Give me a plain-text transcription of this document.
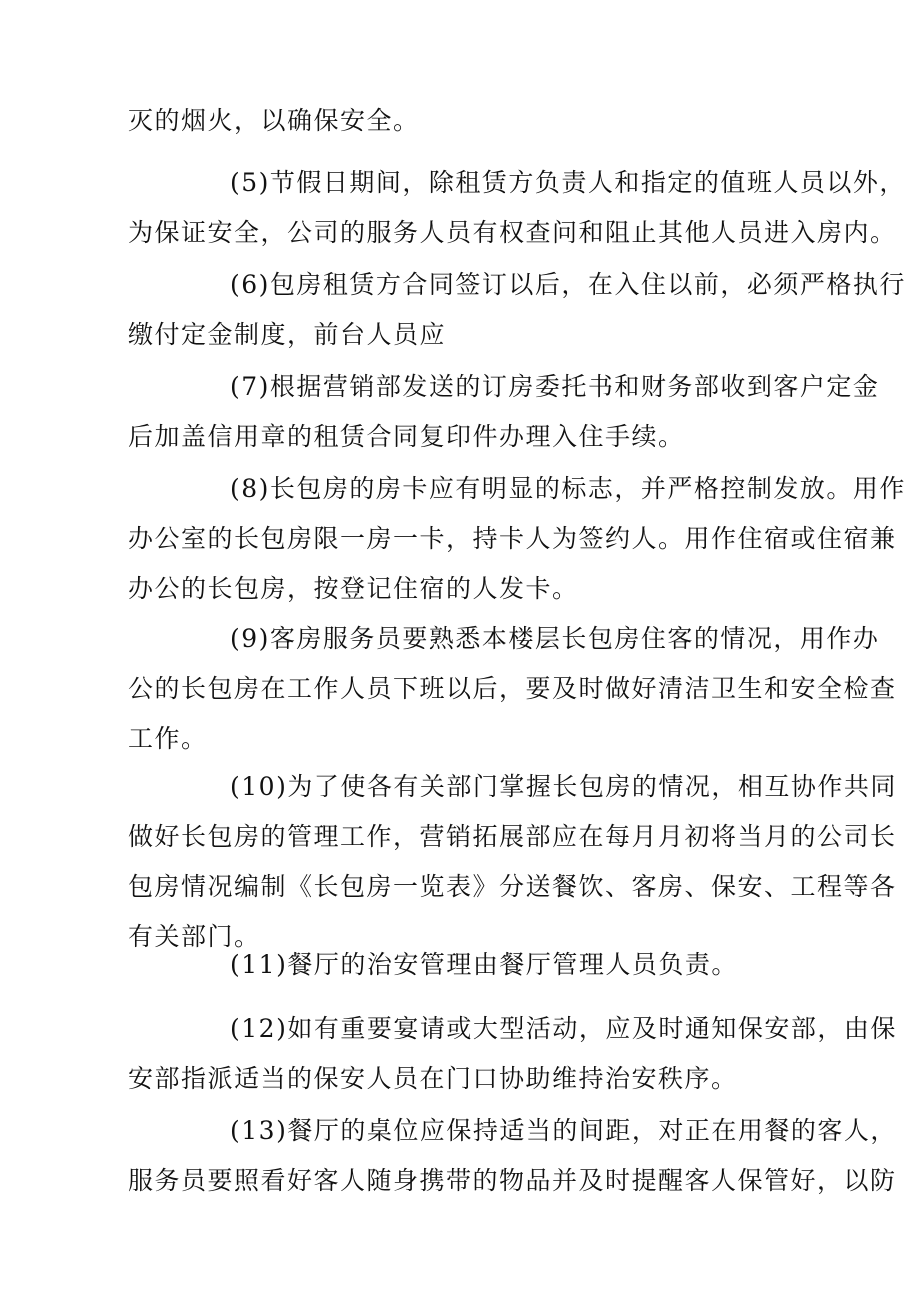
灭的烟火，以确保安全。
(5)节假日期间，除租赁方负责人和指定的值班人员以外，
为保证安全，公司的服务人员有权查问和阻止其他人员进入房内。
(6)包房租赁方合同签订以后，在入住以前，必须严格执行
缴付定金制度，前台人员应
(7)根据营销部发送的订房委托书和财务部收到客户定金
后加盖信用章的租赁合同复印件办理入住手续。
(8)长包房的房卡应有明显的标志，并严格控制发放。用作
办公室的长包房限一房一卡，持卡人为签约人。用作住宿或住宿兼
办公的长包房，按登记住宿的人发卡。
(9)客房服务员要熟悉本楼层长包房住客的情况，用作办
公的长包房在工作人员下班以后，要及时做好清洁卫生和安全检查
工作。
(10)为了使各有关部门掌握长包房的情况，相互协作共同
做好长包房的管理工作，营销拓展部应在每月月初将当月的公司长
包房情况编制《长包房一览表》分送餐饮、客房、保安、工程等各
有关部门。
(11)餐厅的治安管理由餐厅管理人员负责。
(12)如有重要宴请或大型活动，应及时通知保安部，由保
安部指派适当的保安人员在门口协助维持治安秩序。
(13)餐厅的桌位应保持适当的间距，对正在用餐的客人，
服务员要照看好客人随身携带的物品并及时提醒客人保管好，以防
